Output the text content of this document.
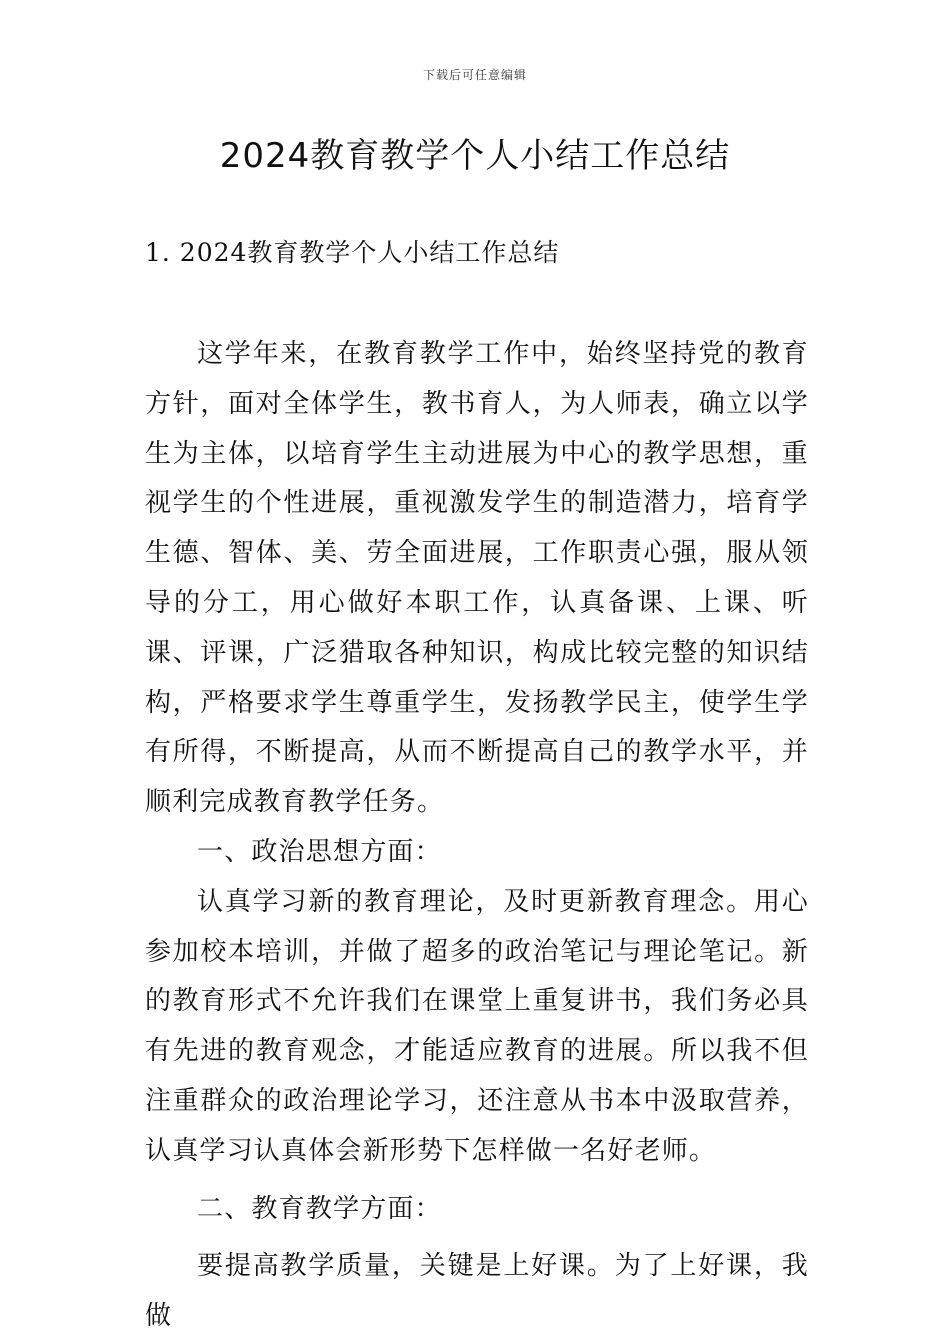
下载后可任意编辑
2024教育教学个人小结工作总结
1. 2024教育教学个人小结工作总结

这学年来，在教育教学工作中，始终坚持党的教育方针，面对全体学生，教书育人，为人师表，确立以学生为主体，以培育学生主动进展为中心的教学思想，重视学生的个性进展，重视激发学生的制造潜力，培育学生德、智体、美、劳全面进展，工作职责心强，服从领导的分工，用心做好本职工作，认真备课、上课、听课、评课，广泛猎取各种知识，构成比较完整的知识结构，严格要求学生尊重学生，发扬教学民主，使学生学有所得，不断提高，从而不断提高自己的教学水平，并顺利完成教育教学任务。

一、政治思想方面：

认真学习新的教育理论，及时更新教育理念。用心参加校本培训，并做了超多的政治笔记与理论笔记。新的教育形式不允许我们在课堂上重复讲书，我们务必具有先进的教育观念，才能适应教育的进展。所以我不但注重群众的政治理论学习，还注意从书本中汲取营养，认真学习认真体会新形势下怎样做一名好老师。

二、教育教学方面：

要提高教学质量，关键是上好课。为了上好课，我做
